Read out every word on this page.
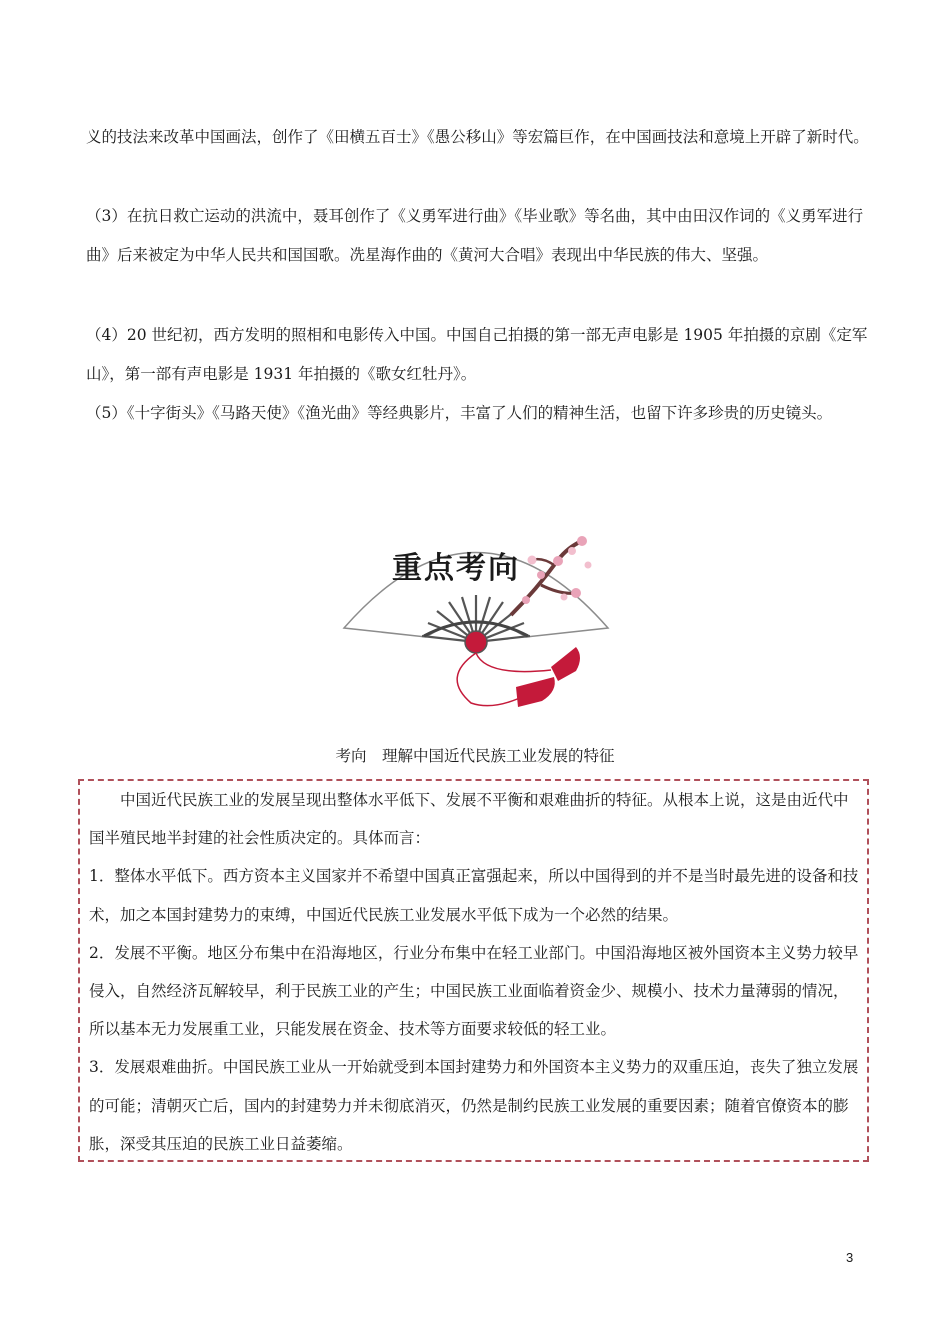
义的技法来改革中国画法，创作了《田横五百士》《愚公移山》等宏篇巨作，在中国画技法和意境上开辟了新时代。

（3）在抗日救亡运动的洪流中，聂耳创作了《义勇军进行曲》《毕业歌》等名曲，其中由田汉作词的《义勇军进行曲》后来被定为中华人民共和国国歌。冼星海作曲的《黄河大合唱》表现出中华民族的伟大、坚强。

（4）20 世纪初，西方发明的照相和电影传入中国。中国自己拍摄的第一部无声电影是 1905 年拍摄的京剧《定军山》，第一部有声电影是 1931 年拍摄的《歌女红牡丹》。

（5）《十字街头》《马路天使》《渔光曲》等经典影片，丰富了人们的精神生活，也留下许多珍贵的历史镜头。

重点考向
考向　理解中国近代民族工业发展的特征

中国近代民族工业的发展呈现出整体水平低下、发展不平衡和艰难曲折的特征。从根本上说，这是由近代中国半殖民地半封建的社会性质决定的。具体而言：

1．整体水平低下。西方资本主义国家并不希望中国真正富强起来，所以中国得到的并不是当时最先进的设备和技术，加之本国封建势力的束缚，中国近代民族工业发展水平低下成为一个必然的结果。

2．发展不平衡。地区分布集中在沿海地区，行业分布集中在轻工业部门。中国沿海地区被外国资本主义势力较早侵入，自然经济瓦解较早，利于民族工业的产生；中国民族工业面临着资金少、规模小、技术力量薄弱的情况，所以基本无力发展重工业，只能发展在资金、技术等方面要求较低的轻工业。

3．发展艰难曲折。中国民族工业从一开始就受到本国封建势力和外国资本主义势力的双重压迫，丧失了独立发展的可能；清朝灭亡后，国内的封建势力并未彻底消灭，仍然是制约民族工业发展的重要因素；随着官僚资本的膨胀，深受其压迫的民族工业日益萎缩。

3
